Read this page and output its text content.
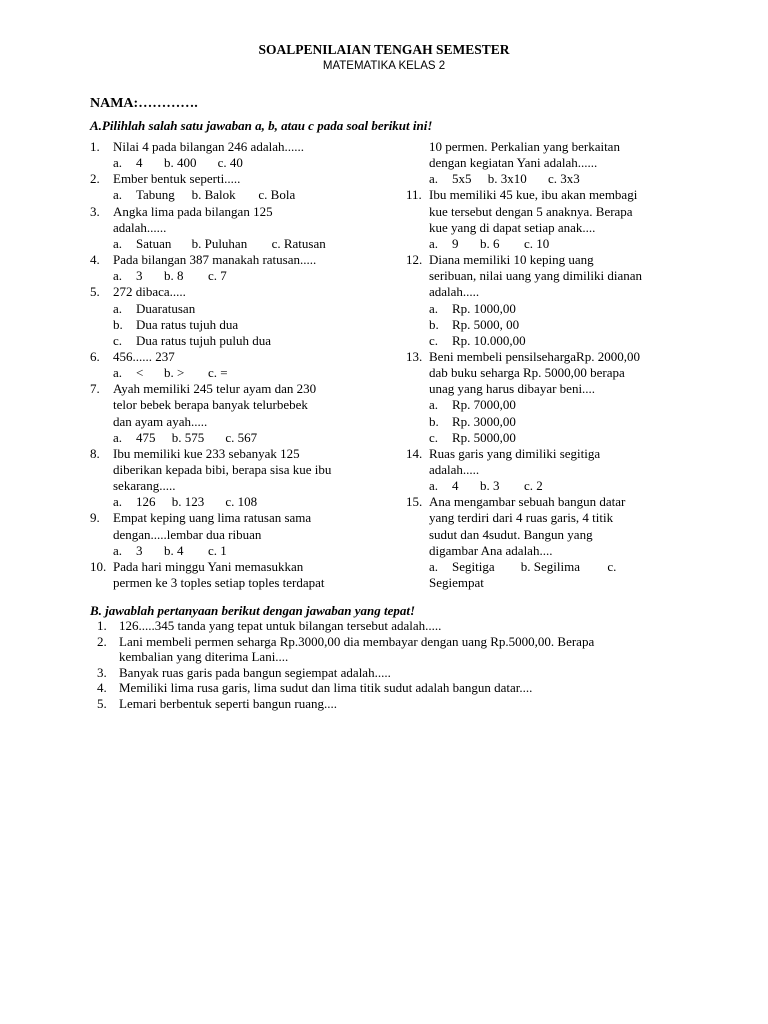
SOALPENILAIAN TENGAH SEMESTER
MATEMATIKA KELAS 2
NAMA:………….
A.Pilihlah salah satu jawaban a, b, atau c pada soal berikut ini!
1. Nilai 4 pada bilangan 246 adalah......
a. 4 b. 400 c. 40
2. Ember bentuk seperti.....
a. Tabung b. Balok c. Bola
3. Angka lima pada bilangan 125
adalah......
a. Satuan b. Puluhan c. Ratusan
4. Pada bilangan 387 manakah ratusan.....
a. 3 b. 8 c. 7
5. 272 dibaca.....
a. Duaratusan
b. Dua ratus tujuh dua
c. Dua ratus tujuh puluh dua
6. 456...... 237
a. < b. > c. =
7. Ayah memiliki 245 telur ayam dan 230
telor bebek berapa banyak telurbebek
dan ayam ayah.....
a. 475 b. 575 c. 567
8. Ibu memiliki kue 233 sebanyak 125
diberikan kepada bibi, berapa sisa kue ibu
sekarang.....
a. 126 b. 123 c. 108
9. Empat keping uang lima ratusan sama
dengan.....lembar dua ribuan
a. 3 b. 4 c. 1
10. Pada hari minggu Yani memasukkan
permen ke 3 toples setiap toples terdapat
10 permen. Perkalian yang berkaitan
dengan kegiatan Yani adalah......
a. 5x5 b. 3x10 c. 3x3
11. Ibu memiliki 45 kue, ibu akan membagi
kue tersebut dengan 5 anaknya. Berapa
kue yang di dapat setiap anak....
a. 9 b. 6 c. 10
12. Diana memiliki 10 keping uang
seribuan, nilai uang yang dimiliki dianan
adalah.....
a. Rp. 1000,00
b. Rp. 5000, 00
c. Rp. 10.000,00
13. Beni membeli pensilsehargaRp. 2000,00
dab buku seharga Rp. 5000,00 berapa
unag yang harus dibayar beni....
a. Rp. 7000,00
b. Rp. 3000,00
c. Rp. 5000,00
14. Ruas garis yang dimiliki segitiga
adalah.....
a. 4 b. 3 c. 2
15. Ana mengambar sebuah bangun datar
yang terdiri dari 4 ruas garis, 4 titik
sudut dan 4sudut. Bangun yang
digambar Ana adalah....
a. Segitiga b. Segilima c.
Segiempat
B. jawablah pertanyaan berikut dengan jawaban yang tepat!
1. 126.....345 tanda yang tepat untuk bilangan tersebut adalah.....
2. Lani membeli permen seharga Rp.3000,00 dia membayar dengan uang Rp.5000,00. Berapa
kembalian yang diterima Lani....
3. Banyak ruas garis pada bangun segiempat adalah.....
4. Memiliki lima rusa garis, lima sudut dan lima titik sudut adalah bangun datar....
5. Lemari berbentuk seperti bangun ruang....
